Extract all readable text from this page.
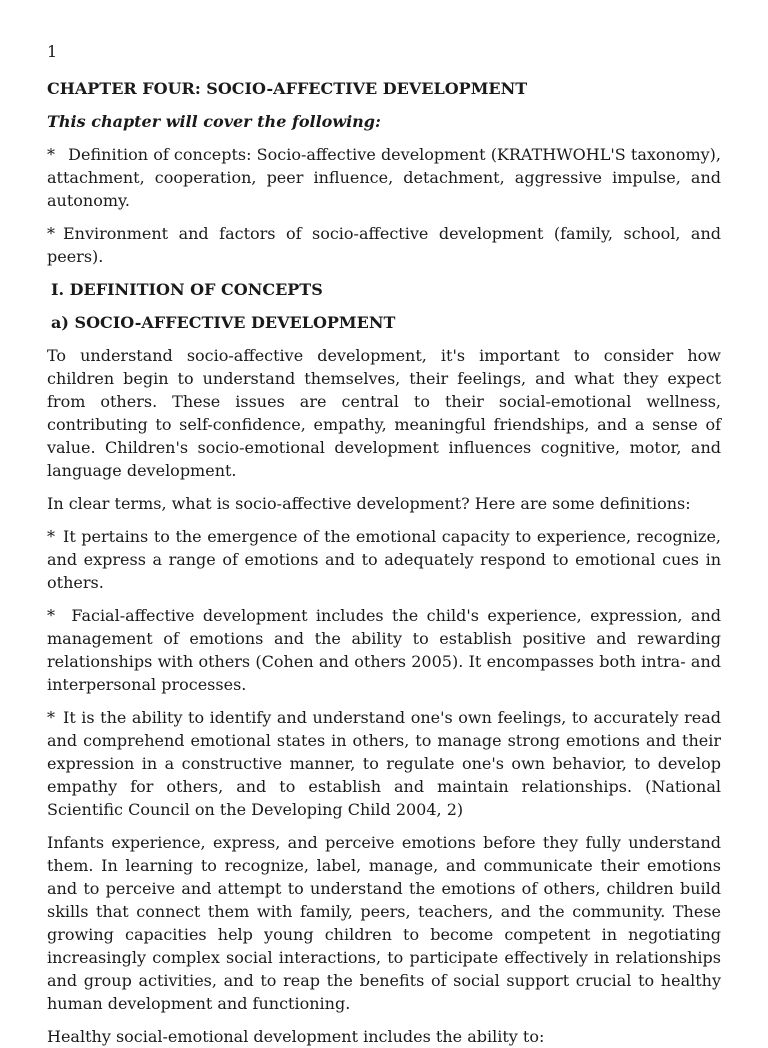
1

CHAPTER FOUR: SOCIO-AFFECTIVE DEVELOPMENT

This chapter will cover the following:

* Definition of concepts: Socio-affective development (KRATHWOHL'S taxonomy), attachment, cooperation, peer influence, detachment, aggressive impulse, and autonomy.

* Environment and factors of socio-affective development (family, school, and peers).

I. DEFINITION OF CONCEPTS

a) SOCIO-AFFECTIVE DEVELOPMENT

To understand socio-affective development, it's important to consider how children begin to understand themselves, their feelings, and what they expect from others. These issues are central to their social-emotional wellness, contributing to self-confidence, empathy, meaningful friendships, and a sense of value. Children's socio-emotional development influences cognitive, motor, and language development.

In clear terms, what is socio-affective development? Here are some definitions:

* It pertains to the emergence of the emotional capacity to experience, recognize, and express a range of emotions and to adequately respond to emotional cues in others.

* Facial-affective development includes the child's experience, expression, and management of emotions and the ability to establish positive and rewarding relationships with others (Cohen and others 2005). It encompasses both intra- and interpersonal processes.

* It is the ability to identify and understand one's own feelings, to accurately read and comprehend emotional states in others, to manage strong emotions and their expression in a constructive manner, to regulate one's own behavior, to develop empathy for others, and to establish and maintain relationships. (National Scientific Council on the Developing Child 2004, 2)

Infants experience, express, and perceive emotions before they fully understand them. In learning to recognize, label, manage, and communicate their emotions and to perceive and attempt to understand the emotions of others, children build skills that connect them with family, peers, teachers, and the community. These growing capacities help young children to become competent in negotiating increasingly complex social interactions, to participate effectively in relationships and group activities, and to reap the benefits of social support crucial to healthy human development and functioning.

Healthy social-emotional development includes the ability to:
